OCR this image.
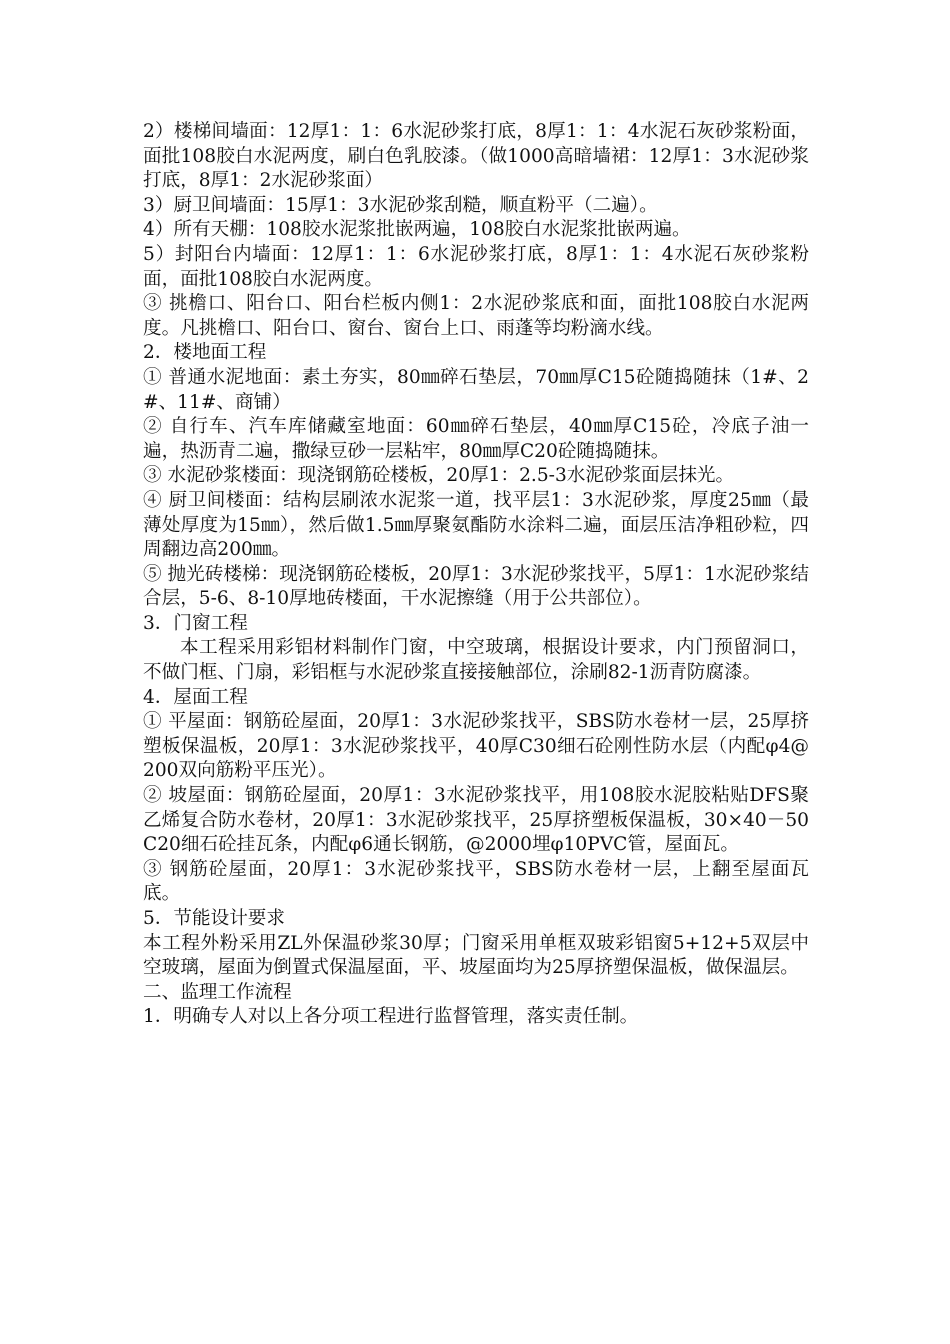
2）楼梯间墙面：12厚1：1：6水泥砂浆打底，8厚1：1：4水泥石灰砂浆粉面，面批108胶白水泥两度，刷白色乳胶漆。（做1000高暗墙裙：12厚1：3水泥砂浆打底，8厚1：2水泥砂浆面）
3）厨卫间墙面：15厚1：3水泥砂浆刮糙，顺直粉平（二遍）。
4）所有天棚：108胶水泥浆批嵌两遍，108胶白水泥浆批嵌两遍。
5）封阳台内墙面：12厚1：1：6水泥砂浆打底，8厚1：1：4水泥石灰砂浆粉面，面批108胶白水泥两度。
③ 挑檐口、阳台口、阳台栏板内侧1：2水泥砂浆底和面，面批108胶白水泥两度。凡挑檐口、阳台口、窗台、窗台上口、雨蓬等均粉滴水线。
2．楼地面工程
① 普通水泥地面：素土夯实，80㎜碎石垫层，70㎜厚C15砼随捣随抹（1#、2#、11#、商铺）
② 自行车、汽车库储藏室地面：60㎜碎石垫层，40㎜厚C15砼，冷底子油一遍，热沥青二遍，撒绿豆砂一层粘牢，80㎜厚C20砼随捣随抹。
③ 水泥砂浆楼面：现浇钢筋砼楼板，20厚1：2.5-3水泥砂浆面层抹光。
④ 厨卫间楼面：结构层刷浓水泥浆一道，找平层1：3水泥砂浆，厚度25㎜（最薄处厚度为15㎜），然后做1.5㎜厚聚氨酯防水涂料二遍，面层压洁净粗砂粒，四周翻边高200㎜。
⑤ 抛光砖楼梯：现浇钢筋砼楼板，20厚1：3水泥砂浆找平，5厚1：1水泥砂浆结合层，5-6、8-10厚地砖楼面，干水泥擦缝（用于公共部位）。
3．门窗工程
本工程采用彩铝材料制作门窗，中空玻璃，根据设计要求，内门预留洞口，不做门框、门扇，彩铝框与水泥砂浆直接接触部位，涂刷82-1沥青防腐漆。
4．屋面工程
① 平屋面：钢筋砼屋面，20厚1：3水泥砂浆找平，SBS防水卷材一层，25厚挤塑板保温板，20厚1：3水泥砂浆找平，40厚C30细石砼刚性防水层（内配φ4@200双向筋粉平压光）。
② 坡屋面：钢筋砼屋面，20厚1：3水泥砂浆找平，用108胶水泥胶粘贴DFS聚乙烯复合防水卷材，20厚1：3水泥砂浆找平，25厚挤塑板保温板，30×40－50C20细石砼挂瓦条，内配φ6通长钢筋，@2000埋φ10PVC管，屋面瓦。
③ 钢筋砼屋面，20厚1：3水泥砂浆找平，SBS防水卷材一层，上翻至屋面瓦底。
5．节能设计要求
本工程外粉采用ZL外保温砂浆30厚；门窗采用单框双玻彩铝窗5+12+5双层中空玻璃，屋面为倒置式保温屋面，平、坡屋面均为25厚挤塑保温板，做保温层。
二、监理工作流程
1．明确专人对以上各分项工程进行监督管理，落实责任制。
